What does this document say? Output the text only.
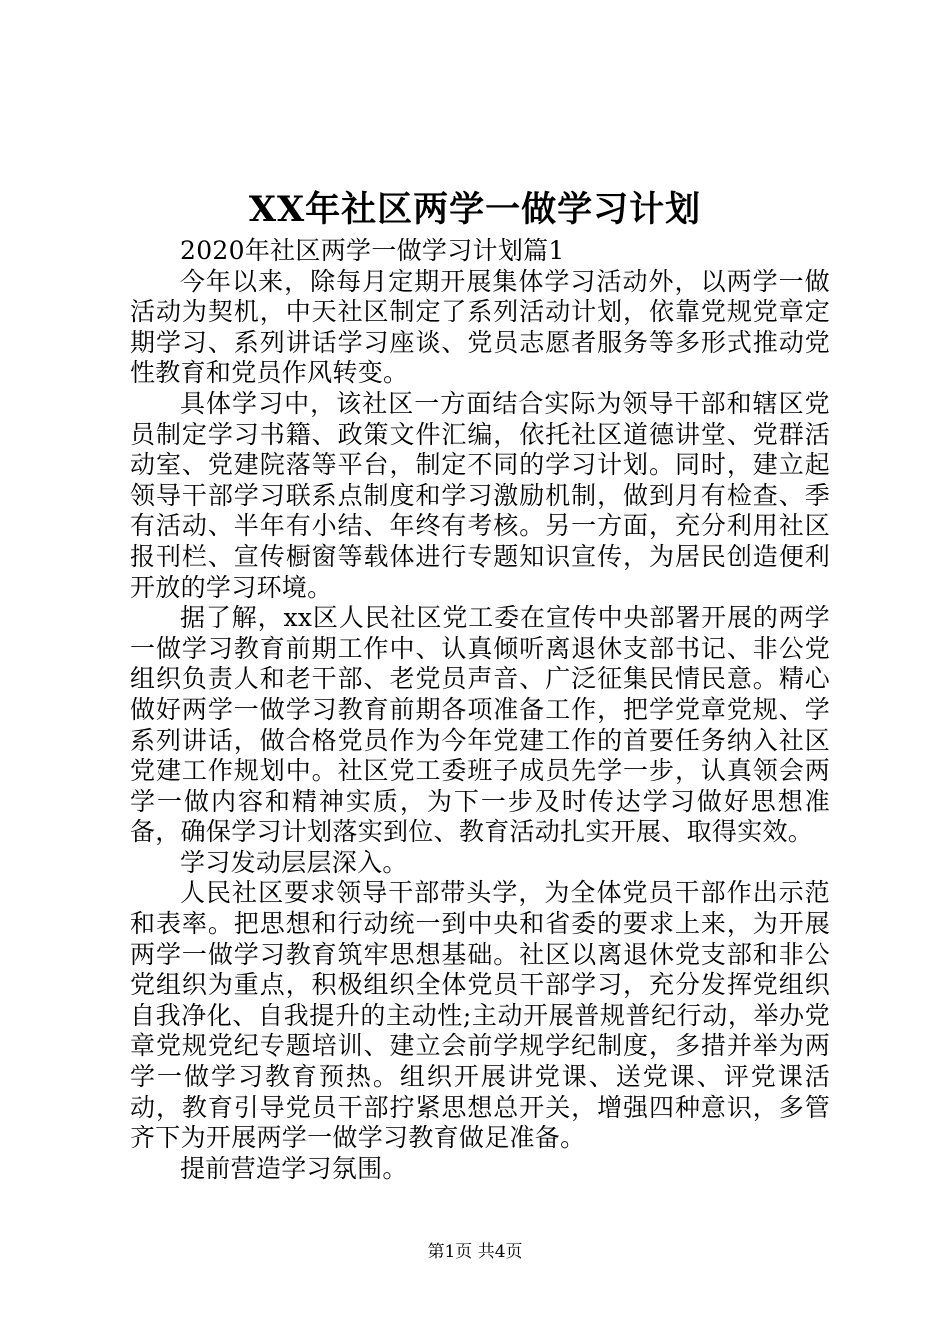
XX年社区两学一做学习计划

2020年社区两学一做学习计划篇1

今年以来，除每月定期开展集体学习活动外，以两学一做活动为契机，中天社区制定了系列活动计划，依靠党规党章定期学习、系列讲话学习座谈、党员志愿者服务等多形式推动党性教育和党员作风转变。

具体学习中，该社区一方面结合实际为领导干部和辖区党员制定学习书籍、政策文件汇编，依托社区道德讲堂、党群活动室、党建院落等平台，制定不同的学习计划。同时，建立起领导干部学习联系点制度和学习激励机制，做到月有检查、季有活动、半年有小结、年终有考核。另一方面，充分利用社区报刊栏、宣传橱窗等载体进行专题知识宣传，为居民创造便利开放的学习环境。

据了解，xx区人民社区党工委在宣传中央部署开展的两学一做学习教育前期工作中、认真倾听离退休支部书记、非公党组织负责人和老干部、老党员声音、广泛征集民情民意。精心做好两学一做学习教育前期各项准备工作，把学党章党规、学系列讲话，做合格党员作为今年党建工作的首要任务纳入社区党建工作规划中。社区党工委班子成员先学一步，认真领会两学一做内容和精神实质，为下一步及时传达学习做好思想准备，确保学习计划落实到位、教育活动扎实开展、取得实效。

学习发动层层深入。

人民社区要求领导干部带头学，为全体党员干部作出示范和表率。把思想和行动统一到中央和省委的要求上来，为开展两学一做学习教育筑牢思想基础。社区以离退休党支部和非公党组织为重点，积极组织全体党员干部学习，充分发挥党组织自我净化、自我提升的主动性;主动开展普规普纪行动，举办党章党规党纪专题培训、建立会前学规学纪制度，多措并举为两学一做学习教育预热。组织开展讲党课、送党课、评党课活动，教育引导党员干部拧紧思想总开关，增强四种意识，多管齐下为开展两学一做学习教育做足准备。

提前营造学习氛围。

第1页 共4页
